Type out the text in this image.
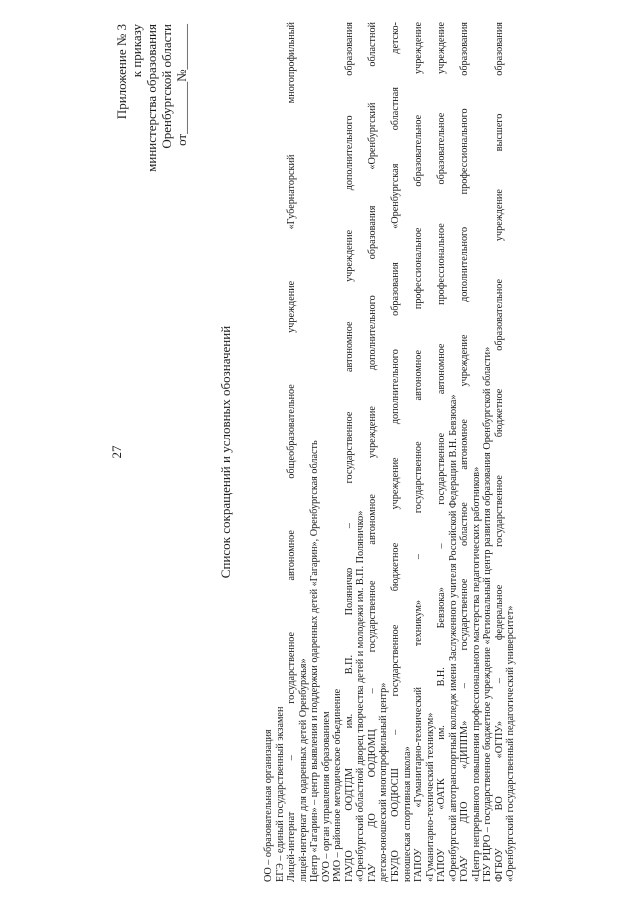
27
Приложение № 3 к приказу министерства образования Оренбургской области от________№_______
Список сокращений и условных обозначений
ОО – образовательная организация ЕГЭ – единый государственный экзамен Лицей-интернат – государственное автономное общеобразовательное учреждение «Губернаторский многопрофильный лицей-интернат для одаренных детей Оренбуржья» Центр «Гагарин» – центр выявления и поддержки одаренных детей «Гагарин», Оренбургская область ОУО – орган управления образованием РМО – районное методическое объединение ГАУДО ООДТДМ им. В.П. Поляничко – государственное автономное учреждение дополнительного образования «Оренбургский областной дворец творчества детей и молодежи им. В.П. Поляничко» ГАУ ДО ООДЮМЦ – государственное автономное учреждение дополнительного образования «Оренбургский областной детско-юношеский многопрофильный центр» ГБУДО ООДЮСШ – государственное бюджетное учреждение дополнительного образования «Оренбургская областная детско- юношеская спортивная школа» ГАПОУ «Гуманитарно-технический техникум» – государственное автономное профессиональное образовательное учреждение «Гуманитарно-технический техникум» ГАПОУ «ОАТК им. В.Н. Бевзюка» – государственное автономное профессиональное образовательное учреждение «Оренбургский автотранспортный колледж имени Заслуженного учителя Российской Федерации В.Н. Бевзюка» ГОАУ ДПО «ДИППМ» – государственное областное автономное учреждение дополнительного профессионального образования «Центр непрерывного повышения профессионального мастерства педагогических работников» ГБУ РЦРО – государственное бюджетное учреждение «Региональный центр развития образования Оренбургской области» ФГБОУ ВО «ОГПУ» – федеральное государственное бюджетное образовательное учреждение высшего образования «Оренбургский государственный педагогический университет»
